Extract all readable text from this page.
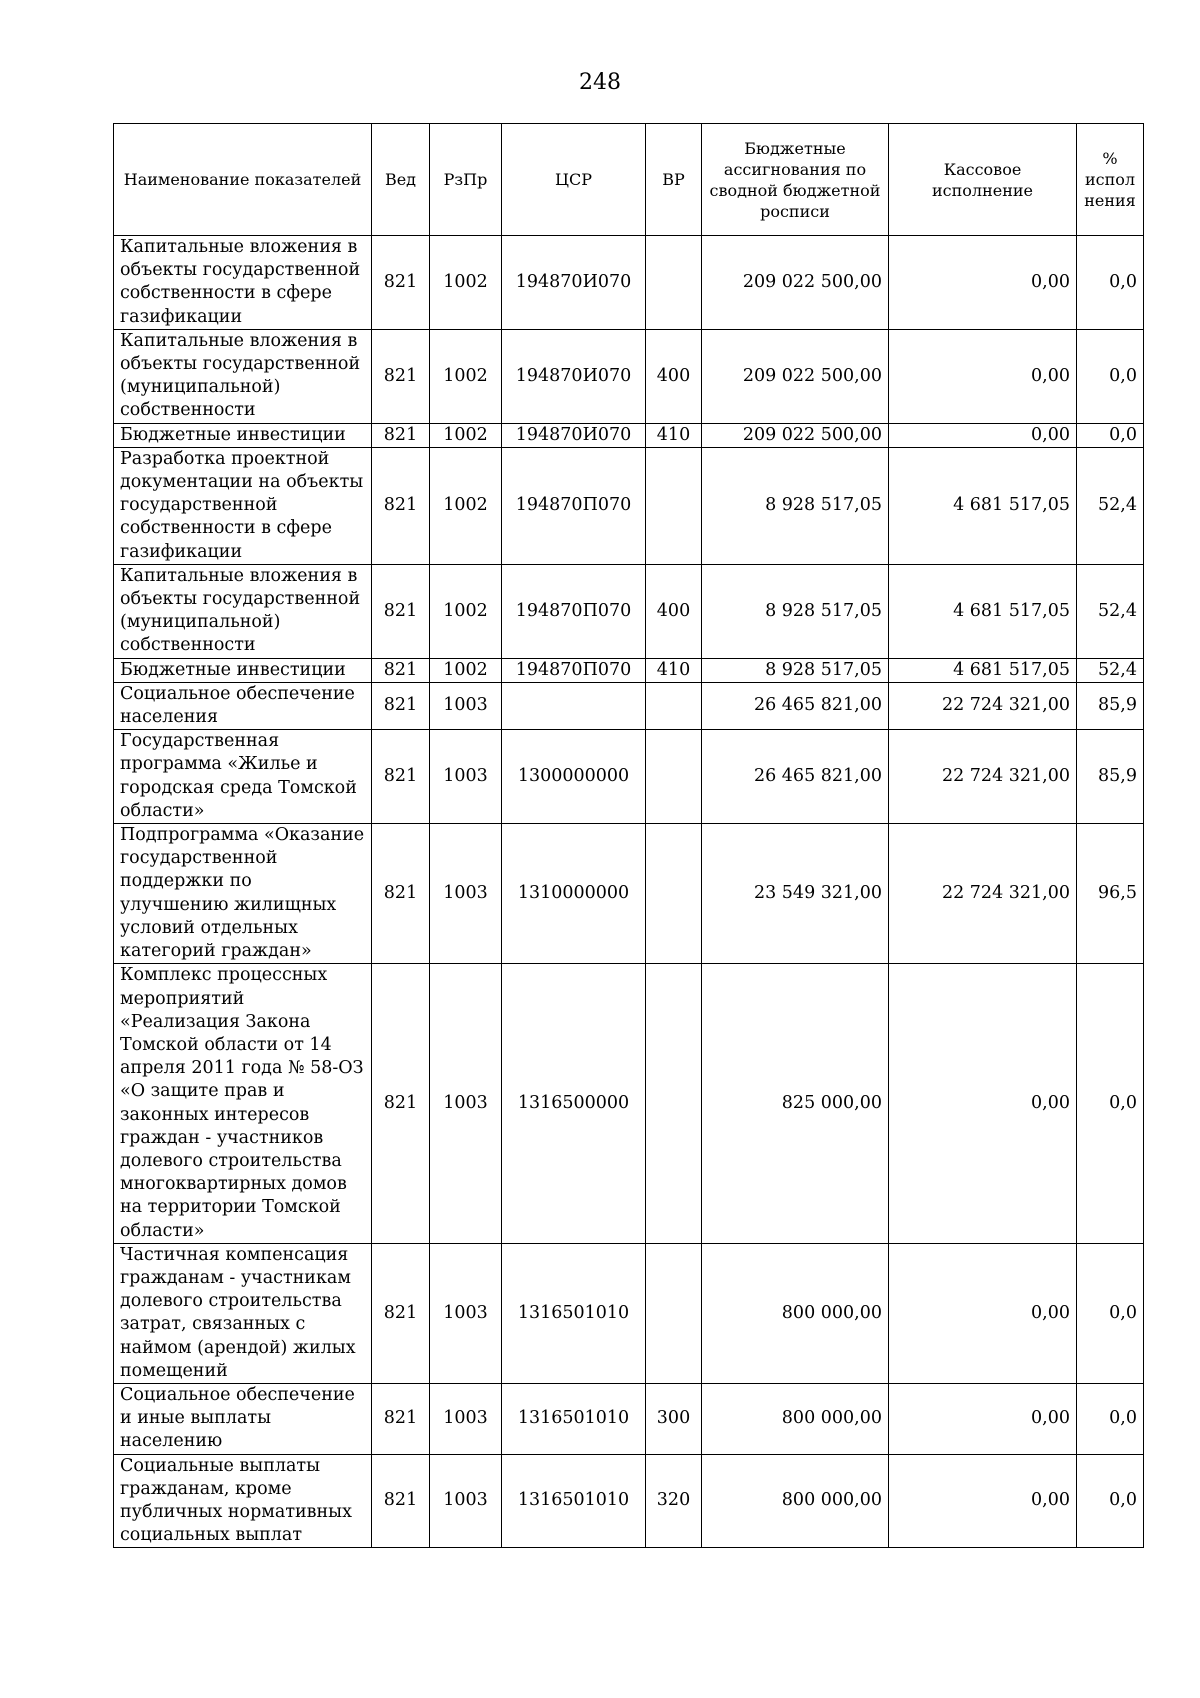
248
Наименование показателей	Вед	РзПр	ЦСР	ВР	Бюджетные ассигнования по сводной бюджетной росписи	Кассовое исполнение	% испол нения
Капитальные вложения в объекты государственной собственности в сфере газификации	821	1002	194870И070		209 022 500,00	0,00	0,0
Капитальные вложения в объекты государственной (муниципальной) собственности	821	1002	194870И070	400	209 022 500,00	0,00	0,0
Бюджетные инвестиции	821	1002	194870И070	410	209 022 500,00	0,00	0,0
Разработка проектной документации на объекты государственной собственности в сфере газификации	821	1002	194870П070		8 928 517,05	4 681 517,05	52,4
Капитальные вложения в объекты государственной (муниципальной) собственности	821	1002	194870П070	400	8 928 517,05	4 681 517,05	52,4
Бюджетные инвестиции	821	1002	194870П070	410	8 928 517,05	4 681 517,05	52,4
Социальное обеспечение населения	821	1003			26 465 821,00	22 724 321,00	85,9
Государственная программа «Жилье и городская среда Томской области»	821	1003	1300000000		26 465 821,00	22 724 321,00	85,9
Подпрограмма «Оказание государственной поддержки по улучшению жилищных условий отдельных категорий граждан»	821	1003	1310000000		23 549 321,00	22 724 321,00	96,5
Комплекс процессных мероприятий «Реализация Закона Томской области от 14 апреля 2011 года № 58-ОЗ «О защите прав и законных интересов граждан - участников долевого строительства многоквартирных домов на территории Томской области»	821	1003	1316500000		825 000,00	0,00	0,0
Частичная компенсация гражданам - участникам долевого строительства затрат, связанных с наймом (арендой) жилых помещений	821	1003	1316501010		800 000,00	0,00	0,0
Социальное обеспечение и иные выплаты населению	821	1003	1316501010	300	800 000,00	0,00	0,0
Социальные выплаты гражданам, кроме публичных нормативных социальных выплат	821	1003	1316501010	320	800 000,00	0,00	0,0
